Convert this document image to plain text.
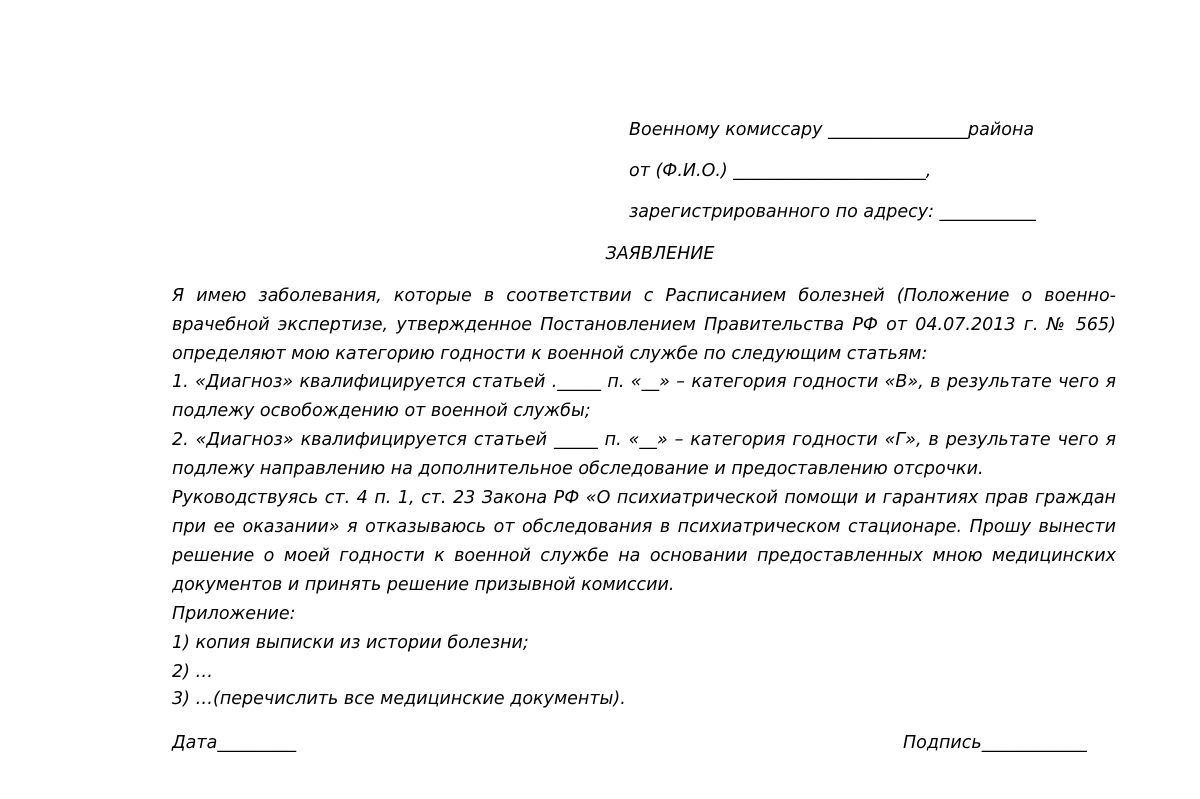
Военному комиссару ________________района

от (Ф.И.О.) ______________________,

зарегистрированного по адресу: ___________

ЗАЯВЛЕНИЕ

Я имею заболевания, которые в соответствии с Расписанием болезней (Положение о военно-врачебной экспертизе, утвержденное Постановлением Правительства РФ от 04.07.2013 г. № 565) определяют мою категорию годности к военной службе по следующим статьям:

1. «Диагноз» квалифицируется статьей ._____ п. «__» – категория годности «В», в результате чего я подлежу освобождению от военной службы;

2. «Диагноз» квалифицируется статьей _____ п. «__» – категория годности «Г», в результате чего я подлежу направлению на дополнительное обследование и предоставлению отсрочки.

Руководствуясь ст. 4 п. 1, ст. 23 Закона РФ «О психиатрической помощи и гарантиях прав граждан при ее оказании» я отказываюсь от обследования в психиатрическом стационаре. Прошу вынести решение о моей годности к военной службе на основании предоставленных мною медицинских документов и принять решение призывной комиссии.

Приложение:

1) копия выписки из истории болезни;

2) …

3) …(перечислить все медицинские документы).

Дата_________	Подпись____________
